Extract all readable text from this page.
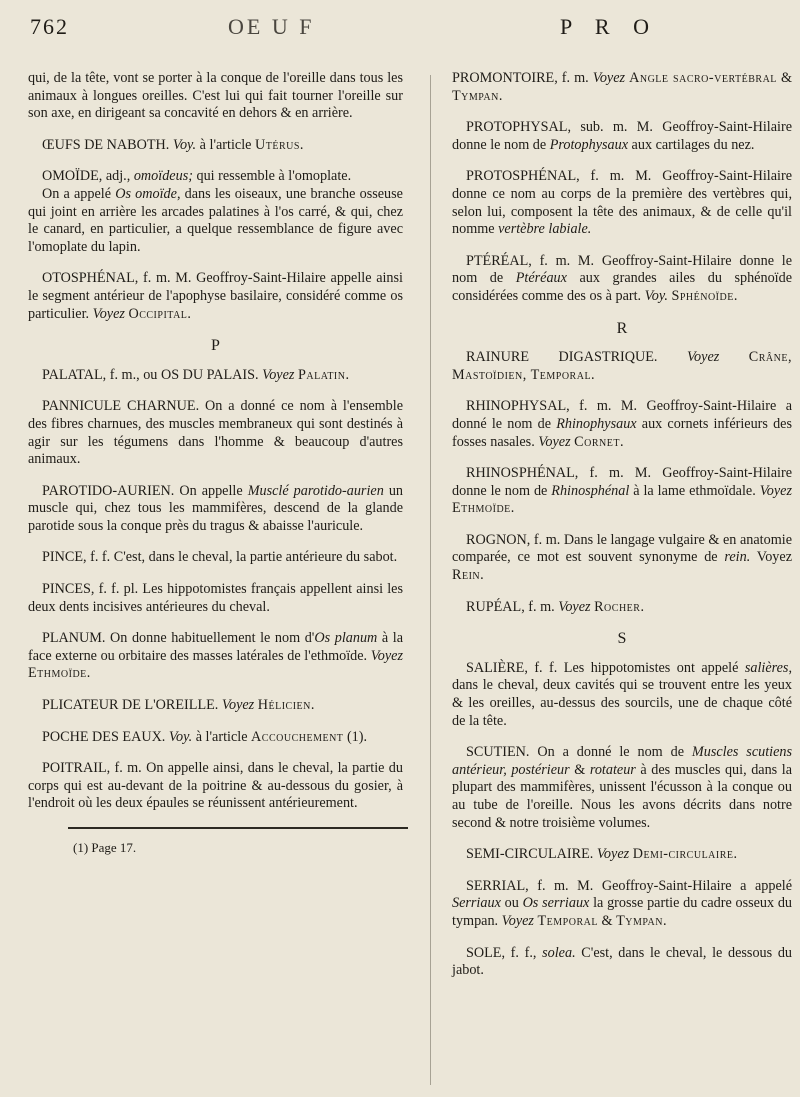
762	OE U F	P R O

qui, de la tête, vont se porter à la conque de l'oreille dans tous les animaux à longues oreilles. C'est lui qui fait tourner l'oreille sur son axe, en dirigeant sa concavité en dehors & en arrière.

ŒUFS DE NABOTH. Voy. à l'article Utérus.

OMOÏDE, adj., omoïdeus; qui ressemble à l'omoplate.
On a appelé Os omoïde, dans les oiseaux, une branche osseuse qui joint en arrière les arcades palatines à l'os carré, & qui, chez le canard, en particulier, a quelque ressemblance de figure avec l'omoplate du lapin.

OTOSPHÉNAL, f. m. M. Geoffroy-Saint-Hilaire appelle ainsi le segment antérieur de l'apophyse basilaire, considéré comme os particulier. Voyez Occipital.

P

PALATAL, f. m., ou OS DU PALAIS. Voyez Palatin.

PANNICULE CHARNUE. On a donné ce nom à l'ensemble des fibres charnues, des muscles membraneux qui sont destinés à agir sur les tégumens dans l'homme & beaucoup d'autres animaux.

PAROTIDO-AURIEN. On appelle Musclé parotido-aurien un muscle qui, chez tous les mammifères, descend de la glande parotide sous la conque près du tragus & abaisse l'auricule.

PINCE, f. f. C'est, dans le cheval, la partie antérieure du sabot.

PINCES, f. f. pl. Les hippotomistes français appellent ainsi les deux dents incisives antérieures du cheval.

PLANUM. On donne habituellement le nom d'Os planum à la face externe ou orbitaire des masses latérales de l'ethmoïde. Voyez Ethmoïde.

PLICATEUR DE L'OREILLE. Voyez Hélicien.

POCHE DES EAUX. Voy. à l'article Accouchement (1).

POITRAIL, f. m. On appelle ainsi, dans le cheval, la partie du corps qui est au-devant de la poitrine & au-dessous du gosier, à l'endroit où les deux épaules se réunissent antérieurement.

(1) Page 17.

PROMONTOIRE, f. m. Voyez Angle sacro-vertébral & Tympan.

PROTOPHYSAL, sub. m. M. Geoffroy-Saint-Hilaire donne le nom de Protophysaux aux cartilages du nez.

PROTOSPHÉNAL, f. m. M. Geoffroy-Saint-Hilaire donne ce nom au corps de la première des vertèbres qui, selon lui, composent la tête des animaux, & de celle qu'il nomme vertèbre labiale.

PTÉRÉAL, f. m. M. Geoffroy-Saint-Hilaire donne le nom de Ptéréaux aux grandes ailes du sphénoïde considérées comme des os à part. Voy. Sphénoïde.

R

RAINURE DIGASTRIQUE. Voyez Crâne, Mastoïdien, Temporal.

RHINOPHYSAL, f. m. M. Geoffroy-Saint-Hilaire a donné le nom de Rhinophysaux aux cornets inférieurs des fosses nasales. Voyez Cornet.

RHINOSPHÉNAL, f. m. M. Geoffroy-Saint-Hilaire donne le nom de Rhinosphénal à la lame ethmoïdale. Voyez Ethmoïde.

ROGNON, f. m. Dans le langage vulgaire & en anatomie comparée, ce mot est souvent synonyme de rein. Voyez Rein.

RUPÉAL, f. m. Voyez Rocher.

S

SALIÈRE, f. f. Les hippotomistes ont appelé salières, dans le cheval, deux cavités qui se trouvent entre les yeux & les oreilles, au-dessus des sourcils, une de chaque côté de la tête.

SCUTIEN. On a donné le nom de Muscles scutiens antérieur, postérieur & rotateur à des muscles qui, dans la plupart des mammifères, unissent l'écusson à la conque ou au tube de l'oreille. Nous les avons décrits dans notre second & notre troisième volumes.

SEMI-CIRCULAIRE. Voyez Demi-circulaire.

SERRIAL, f. m. M. Geoffroy-Saint-Hilaire a appelé Serriaux ou Os serriaux la grosse partie du cadre osseux du tympan. Voyez Temporal & Tympan.

SOLE, f. f., solea. C'est, dans le cheval, le dessous du jabot.
